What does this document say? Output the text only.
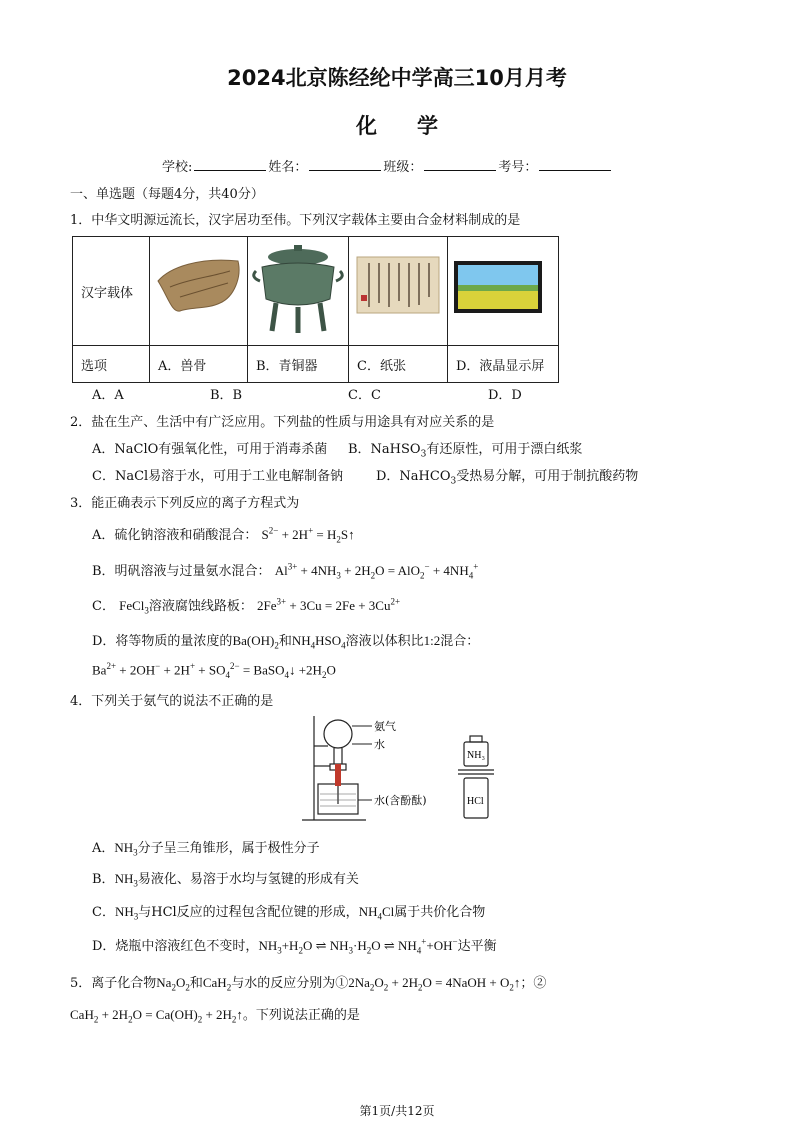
2024北京陈经纶中学高三10月月考
化学
学校:	姓名：	班级：	考号：
一、单选题（每题4分，共40分）
1．中华文明源远流长，汉字居功至伟。下列汉字载体主要由合金材料制成的是
汉字载体				
选项	A．兽骨	B．青铜器	C．纸张	D．液晶显示屏
A．A	B．B	C．C	D．D
2．盐在生产、生活中有广泛应用。下列盐的性质与用途具有对应关系的是
A．NaClO有强氧化性，可用于消毒杀菌 B．NaHSO$_3$有还原性，可用于漂白纸浆
C．NaCl易溶于水，可用于工业电解制备钠	D．NaHCO$_3$受热易分解，可用于制抗酸药物
3．能正确表示下列反应的离子方程式为
A．硫化钠溶液和硝酸混合： $S^{2-} + 2H^+$ = $H_2S↑$
B．明矾溶液与过量氨水混合： $Al^{3+} + 4NH_3 + 2H_2O = AlO_2^- + 4NH_4^+$
C． FeCl$_3$溶液腐蚀线路板： $2Fe^{3+} + 3Cu = 2Fe + 3Cu^{2+}$
D．将等物质的量浓度的$Ba(OH)_2$和$NH_4HSO_4$溶液以体积比1:2混合：
$Ba^{2+} + 2OH^- + 2H^+ + SO_4^{2-}$ = BaSO$_4$↓ $+2H_2O$
4．下列关于氨气的说法不正确的是
氨气
水
水(含酚酞)
NH₃
HCl
A．$NH_3$分子呈三角锥形，属于极性分子
B．$NH_3$易液化、易溶于水均与氢键的形成有关
C．$NH_3$与HCl反应的过程包含配位键的形成，$NH_4Cl$属于共价化合物
D．烧瓶中溶液红色不变时，$NH_3+H_2O$ ⇌ $NH_3\cdot H_2O$ ⇌ $NH_4^++OH^-$达平衡
5．离子化合物$Na_2O_2$和CaH$_2$与水的反应分别为$①2Na_2O_2 + 2H_2O$ = 4NaOH + $O_2↑$；②
$CaH_2 + 2H_2O = Ca(OH)_2$ + $2H_2↑$。下列说法正确的是
第1页/共12页
